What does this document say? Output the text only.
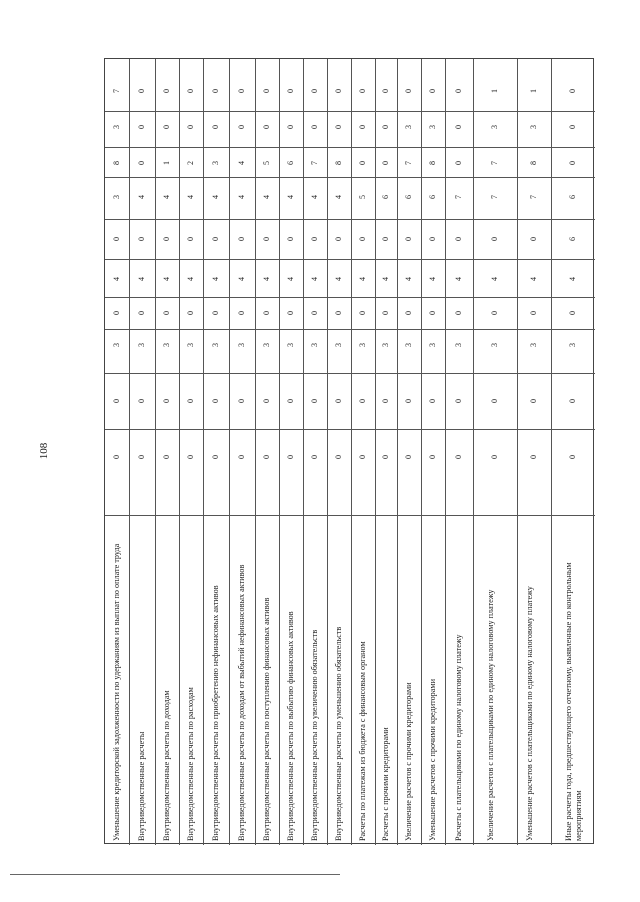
108
Уменьшение кредиторской задолженности по удержаниям из выплат по оплате труда
0
0
3
0
4
0
3
8
3
7
Внутриведомственные расчеты
0
0
3
0
4
0
4
0
0
0
Внутриведомственные расчеты по доходам
0
0
3
0
4
0
4
1
0
0
Внутриведомственные расчеты по расходам
0
0
3
0
4
0
4
2
0
0
Внутриведомственные расчеты по приобретению нефинансовых активов
0
0
3
0
4
0
4
3
0
0
Внутриведомственные расчеты по доходам от выбытий нефинансовых активов
0
0
3
0
4
0
4
4
0
0
Внутриведомственные расчеты по поступлению финансовых активов
0
0
3
0
4
0
4
5
0
0
Внутриведомственные расчеты по выбытию финансовых активов
0
0
3
0
4
0
4
6
0
0
Внутриведомственные расчеты по увеличению обязательств
0
0
3
0
4
0
4
7
0
0
Внутриведомственные расчеты по уменьшению обязательств
0
0
3
0
4
0
4
8
0
0
Расчеты по платежам из бюджета с финансовым органом
0
0
3
0
4
0
5
0
0
0
Расчеты с прочими кредиторами
0
0
3
0
4
0
6
0
0
0
Увеличение расчетов с прочими кредиторами
0
0
3
0
4
0
6
7
3
0
Уменьшение расчетов с прочими кредиторами
0
0
3
0
4
0
6
8
3
0
Расчеты с плательщиками по единому налоговому платежу
0
0
3
0
4
0
7
0
0
0
Увеличение расчетов с плательщиками по единому налоговому платежу
0
0
3
0
4
0
7
7
3
1
Уменьшение расчетов с плательщиками по единому налоговому платежу
0
0
3
0
4
0
7
8
3
1
Иные расчеты года, предшествующего отчетному, выявленные по контрольным мероприятиям
0
0
3
0
4
6
6
0
0
0
